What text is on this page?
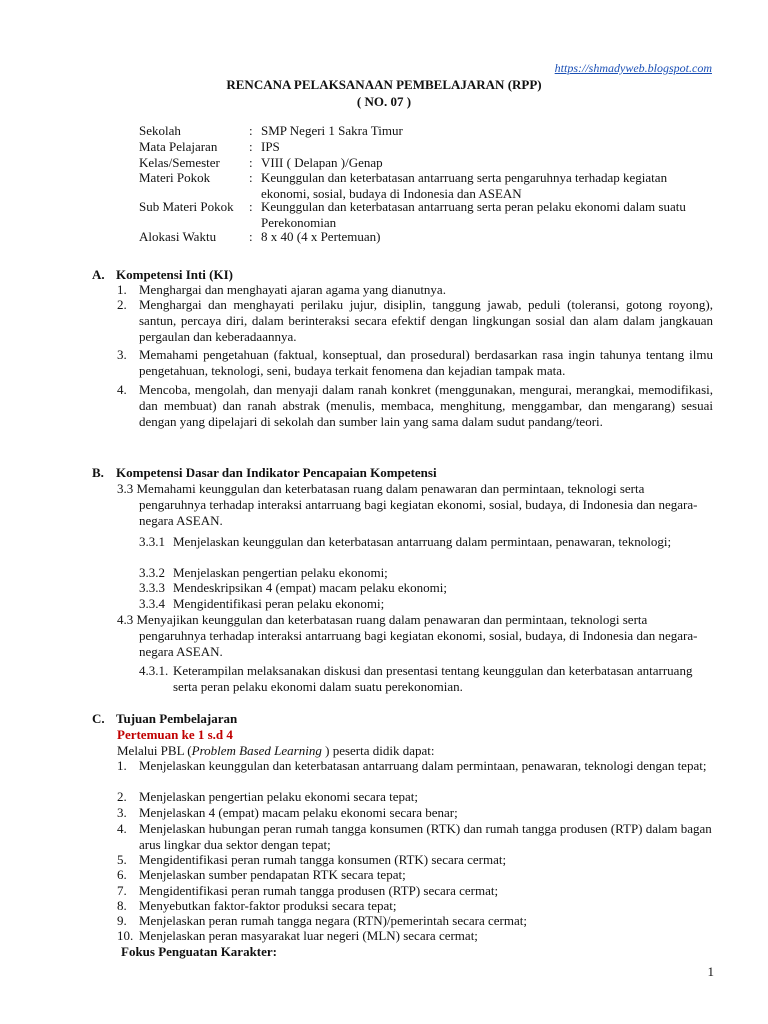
https://shmadyweb.blogspot.com
RENCANA PELAKSANAAN PEMBELAJARAN (RPP)
( NO. 07 )
Sekolah	: SMP Negeri 1 Sakra Timur
Mata Pelajaran	: IPS
Kelas/Semester	: VIII ( Delapan )/Genap
Materi Pokok	: Keunggulan dan keterbatasan antarruang serta pengaruhnya terhadap kegiatan ekonomi, sosial, budaya di Indonesia dan ASEAN
Sub Materi Pokok	: Keunggulan dan keterbatasan antarruang serta peran pelaku ekonomi dalam suatu Perekonomian
Alokasi Waktu	: 8 x 40 (4 x Pertemuan)
A. Kompetensi Inti (KI)
1. Menghargai dan menghayati ajaran agama yang dianutnya.
2. Menghargai dan menghayati perilaku jujur, disiplin, tanggung jawab, peduli (toleransi, gotong royong), santun, percaya diri, dalam berinteraksi secara efektif dengan lingkungan sosial dan alam dalam jangkauan pergaulan dan keberadaannya.
3. Memahami pengetahuan (faktual, konseptual, dan prosedural) berdasarkan rasa ingin tahunya tentang ilmu pengetahuan, teknologi, seni, budaya terkait fenomena dan kejadian tampak mata.
4. Mencoba, mengolah, dan menyaji dalam ranah konkret (menggunakan, mengurai, merangkai, memodifikasi, dan membuat) dan ranah abstrak (menulis, membaca, menghitung, menggambar, dan mengarang) sesuai dengan yang dipelajari di sekolah dan sumber lain yang sama dalam sudut pandang/teori.
B. Kompetensi Dasar dan Indikator Pencapaian Kompetensi
3.3 Memahami keunggulan dan keterbatasan ruang dalam penawaran dan permintaan, teknologi serta
pengaruhnya terhadap interaksi antarruang bagi kegiatan ekonomi, sosial, budaya, di Indonesia dan negara-negara ASEAN.
3.3.1 Menjelaskan keunggulan dan keterbatasan antarruang dalam permintaan, penawaran, teknologi;
3.3.2 Menjelaskan pengertian pelaku ekonomi;
3.3.3 Mendeskripsikan 4 (empat) macam pelaku ekonomi;
3.3.4 Mengidentifikasi peran pelaku ekonomi;
4.3 Menyajikan keunggulan dan keterbatasan ruang dalam penawaran dan permintaan, teknologi serta
pengaruhnya terhadap interaksi antarruang bagi kegiatan ekonomi, sosial, budaya, di Indonesia dan negara-negara ASEAN.
4.3.1. Keterampilan melaksanakan diskusi dan presentasi tentang keunggulan dan keterbatasan antarruang serta peran pelaku ekonomi dalam suatu perekonomian.
C. Tujuan Pembelajaran
Pertemuan ke 1 s.d 4
Melalui PBL (Problem Based Learning ) peserta didik dapat:
1. Menjelaskan keunggulan dan keterbatasan antarruang dalam permintaan, penawaran, teknologi dengan tepat;
2. Menjelaskan pengertian pelaku ekonomi secara tepat;
3. Menjelaskan 4 (empat) macam pelaku ekonomi secara benar;
4. Menjelaskan hubungan peran rumah tangga konsumen (RTK) dan rumah tangga produsen (RTP) dalam bagan arus lingkar dua sektor dengan tepat;
5. Mengidentifikasi peran rumah tangga konsumen (RTK) secara cermat;
6. Menjelaskan sumber pendapatan RTK secara tepat;
7. Mengidentifikasi peran rumah tangga produsen (RTP) secara cermat;
8. Menyebutkan faktor-faktor produksi secara tepat;
9. Menjelaskan peran rumah tangga negara (RTN)/pemerintah secara cermat;
10. Menjelaskan peran masyarakat luar negeri (MLN) secara cermat;
Fokus Penguatan Karakter:
1
